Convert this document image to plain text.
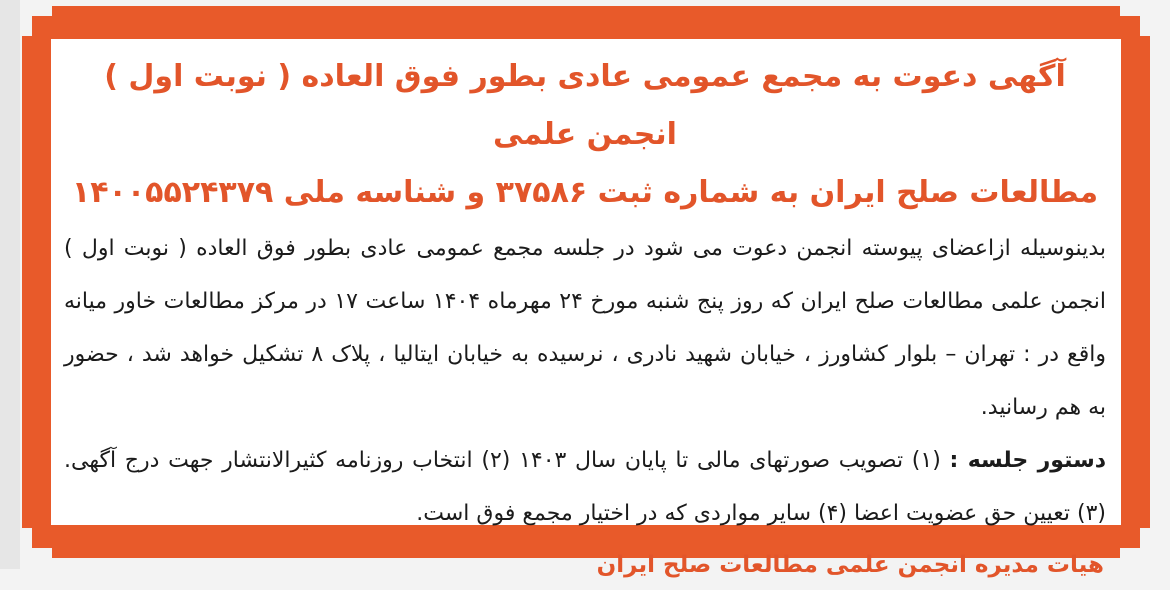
آگهی دعوت به مجمع عمومی عادی بطور فوق العاده ( نوبت اول ) انجمن علمی

مطالعات صلح ایران به شماره ثبت ۳۷۵۸۶ و شناسه ملی ۱۴۰۰۵۵۲۴۳۷۹

بدینوسیله ازاعضای پیوسته انجمن دعوت می شود در جلسه مجمع عمومی عادی بطور فوق العاده ( نوبت اول ) انجمن علمی مطالعات صلح ایران که روز پنج شنبه مورخ ۲۴ مهرماه ۱۴۰۴ ساعت ۱۷ در مرکز مطالعات خاور میانه واقع در : تهران – بلوار کشاورز ، خیابان شهید نادری ، نرسیده به خیابان ایتالیا ، پلاک ۸ تشکیل خواهد شد ، حضور به هم رسانید.

دستور جلسه : (۱) تصویب صورتهای مالی تا پایان سال ۱۴۰۳ (۲) انتخاب روزنامه کثیرالانتشار جهت درج آگهی. (۳) تعیین حق عضویت اعضا (۴) سایر مواردی که در اختیار مجمع فوق است.

هیات مدیره انجمن علمی مطالعات صلح ایران
